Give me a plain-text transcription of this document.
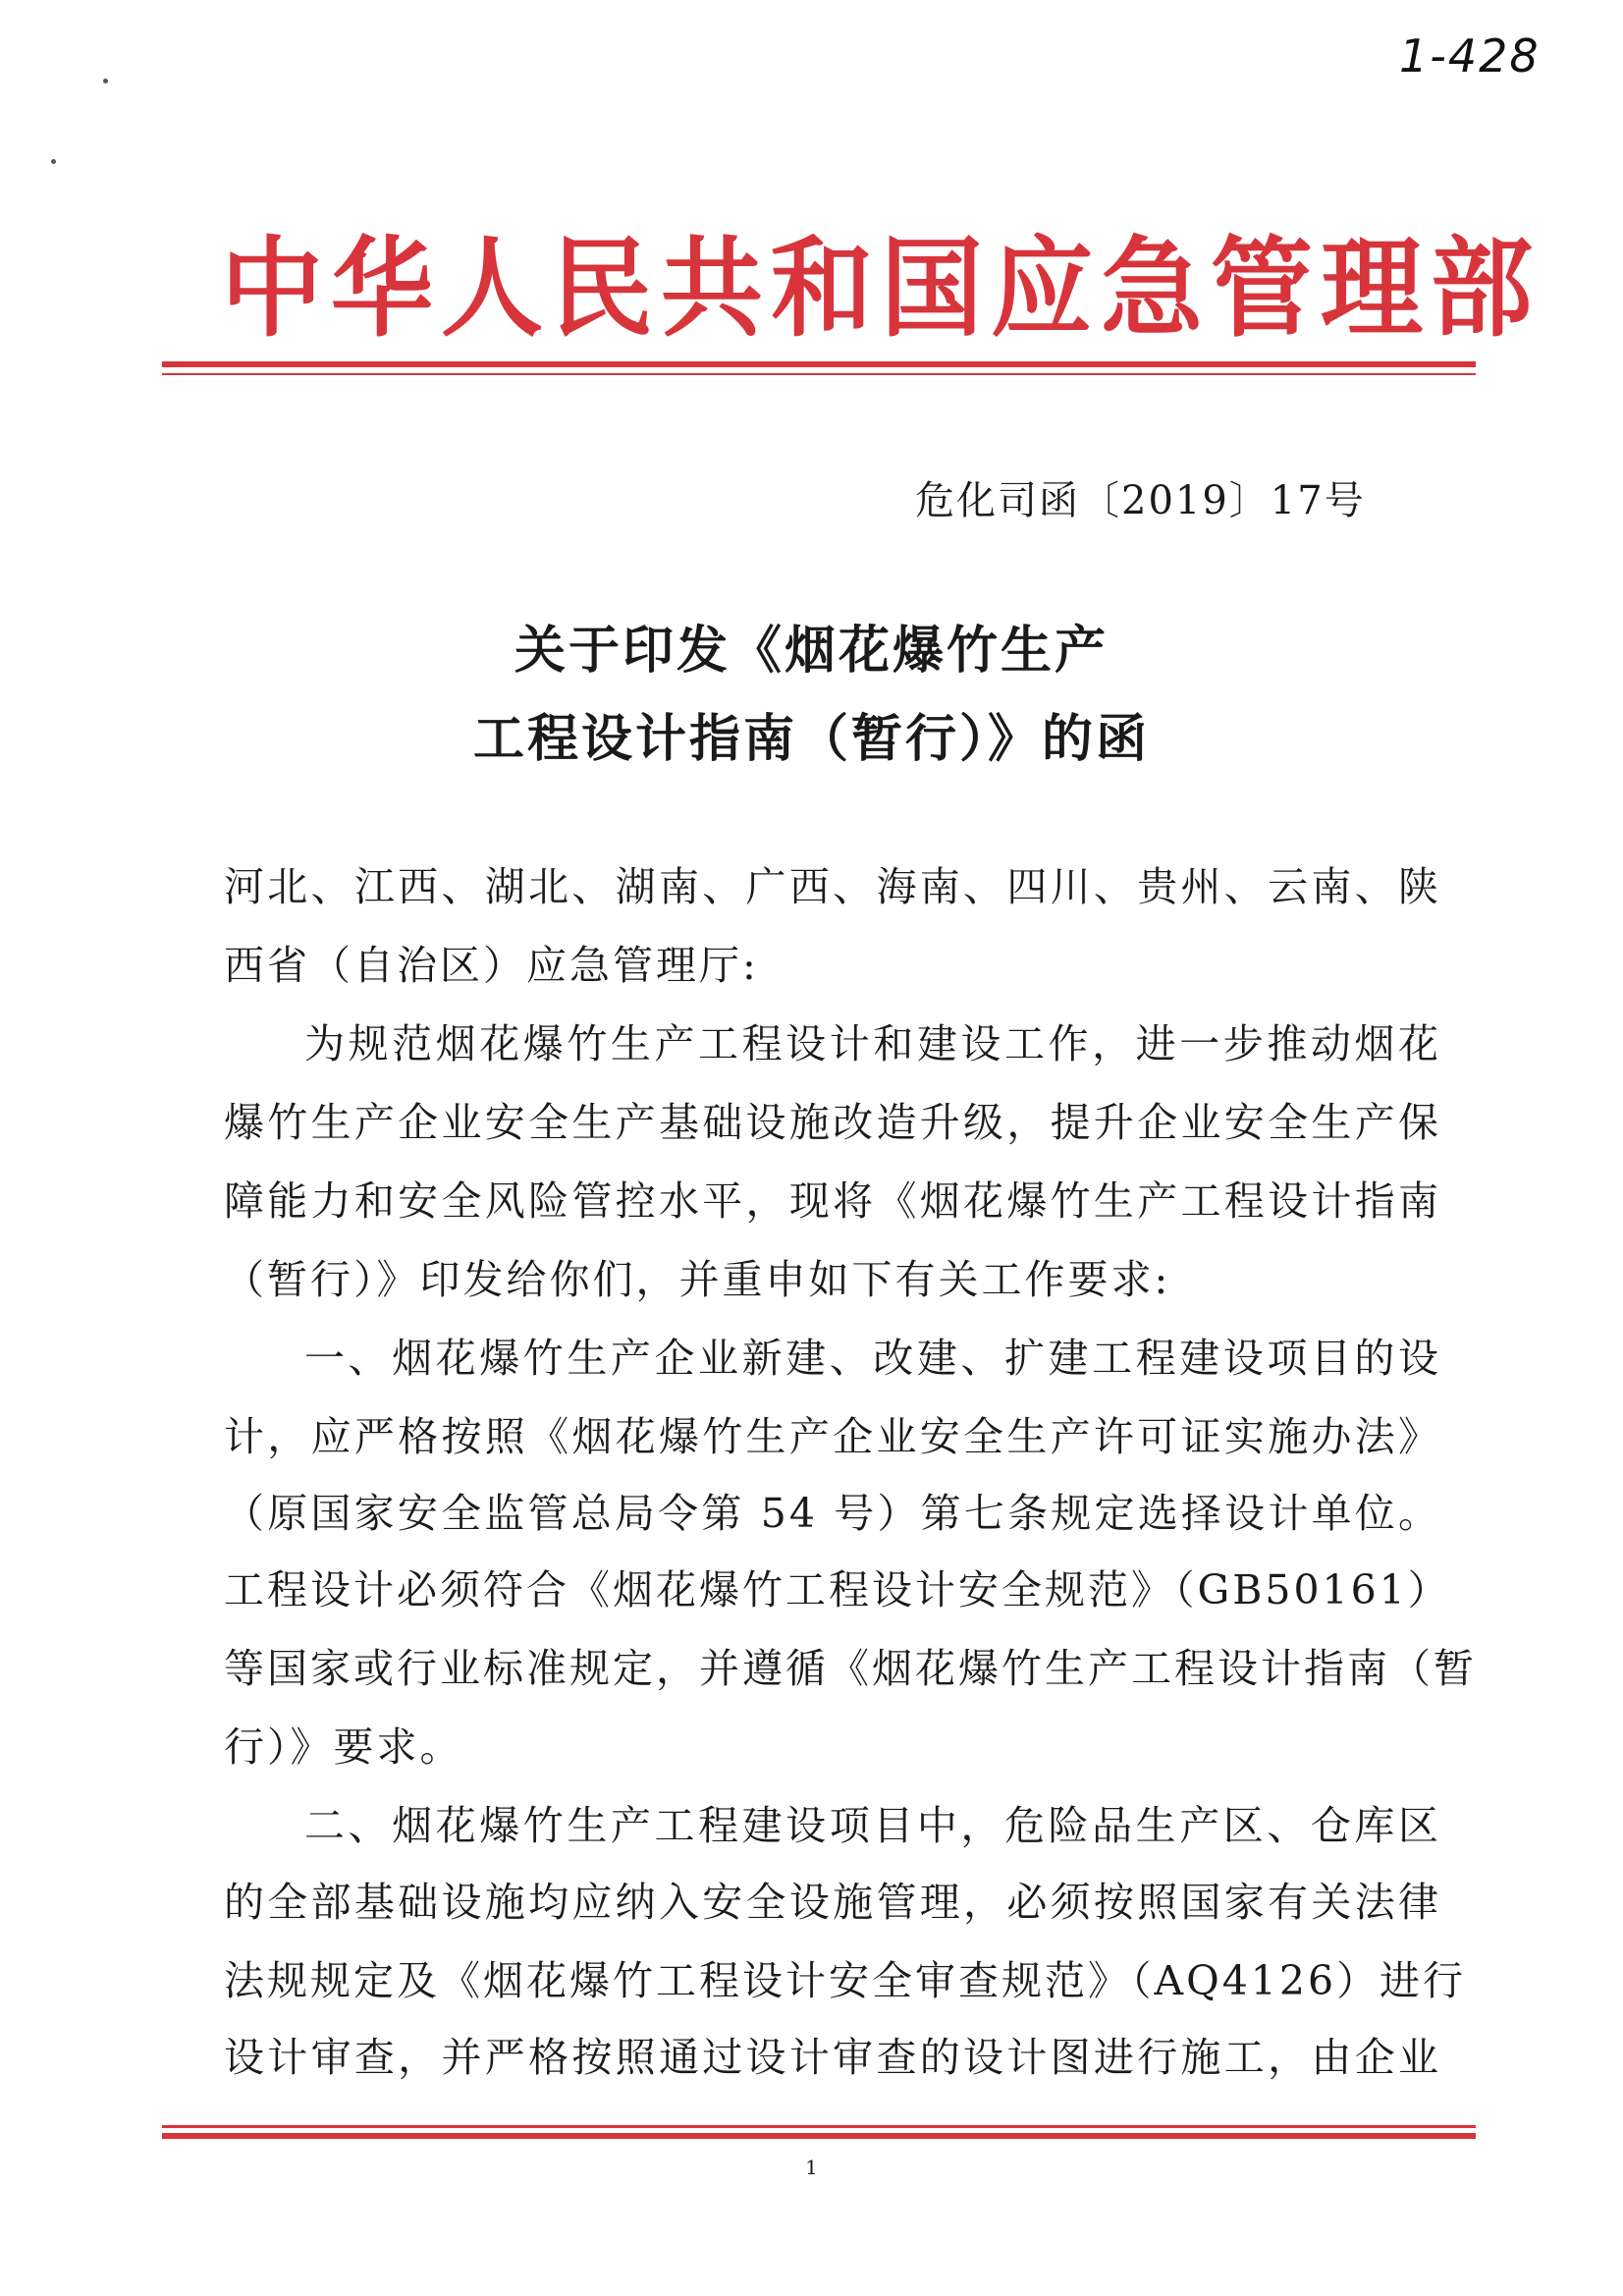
1-428
中华人民共和国应急管理部
危化司函〔2019〕17号
关于印发《烟花爆竹生产
工程设计指南（暂行）》的函
河北、江西、湖北、湖南、广西、海南、四川、贵州、云南、陕
西省（自治区）应急管理厅:
为规范烟花爆竹生产工程设计和建设工作，进一步推动烟花
爆竹生产企业安全生产基础设施改造升级，提升企业安全生产保
障能力和安全风险管控水平，现将《烟花爆竹生产工程设计指南
（暂行）》印发给你们，并重申如下有关工作要求:
一、烟花爆竹生产企业新建、改建、扩建工程建设项目的设
计，应严格按照《烟花爆竹生产企业安全生产许可证实施办法》
（原国家安全监管总局令第 54 号）第七条规定选择设计单位。
工程设计必须符合《烟花爆竹工程设计安全规范》（GB50161）
等国家或行业标准规定，并遵循《烟花爆竹生产工程设计指南（暂
行）》要求。
二、烟花爆竹生产工程建设项目中，危险品生产区、仓库区
的全部基础设施均应纳入安全设施管理，必须按照国家有关法律
法规规定及《烟花爆竹工程设计安全审查规范》（AQ4126）进行
设计审查，并严格按照通过设计审查的设计图进行施工，由企业
1
